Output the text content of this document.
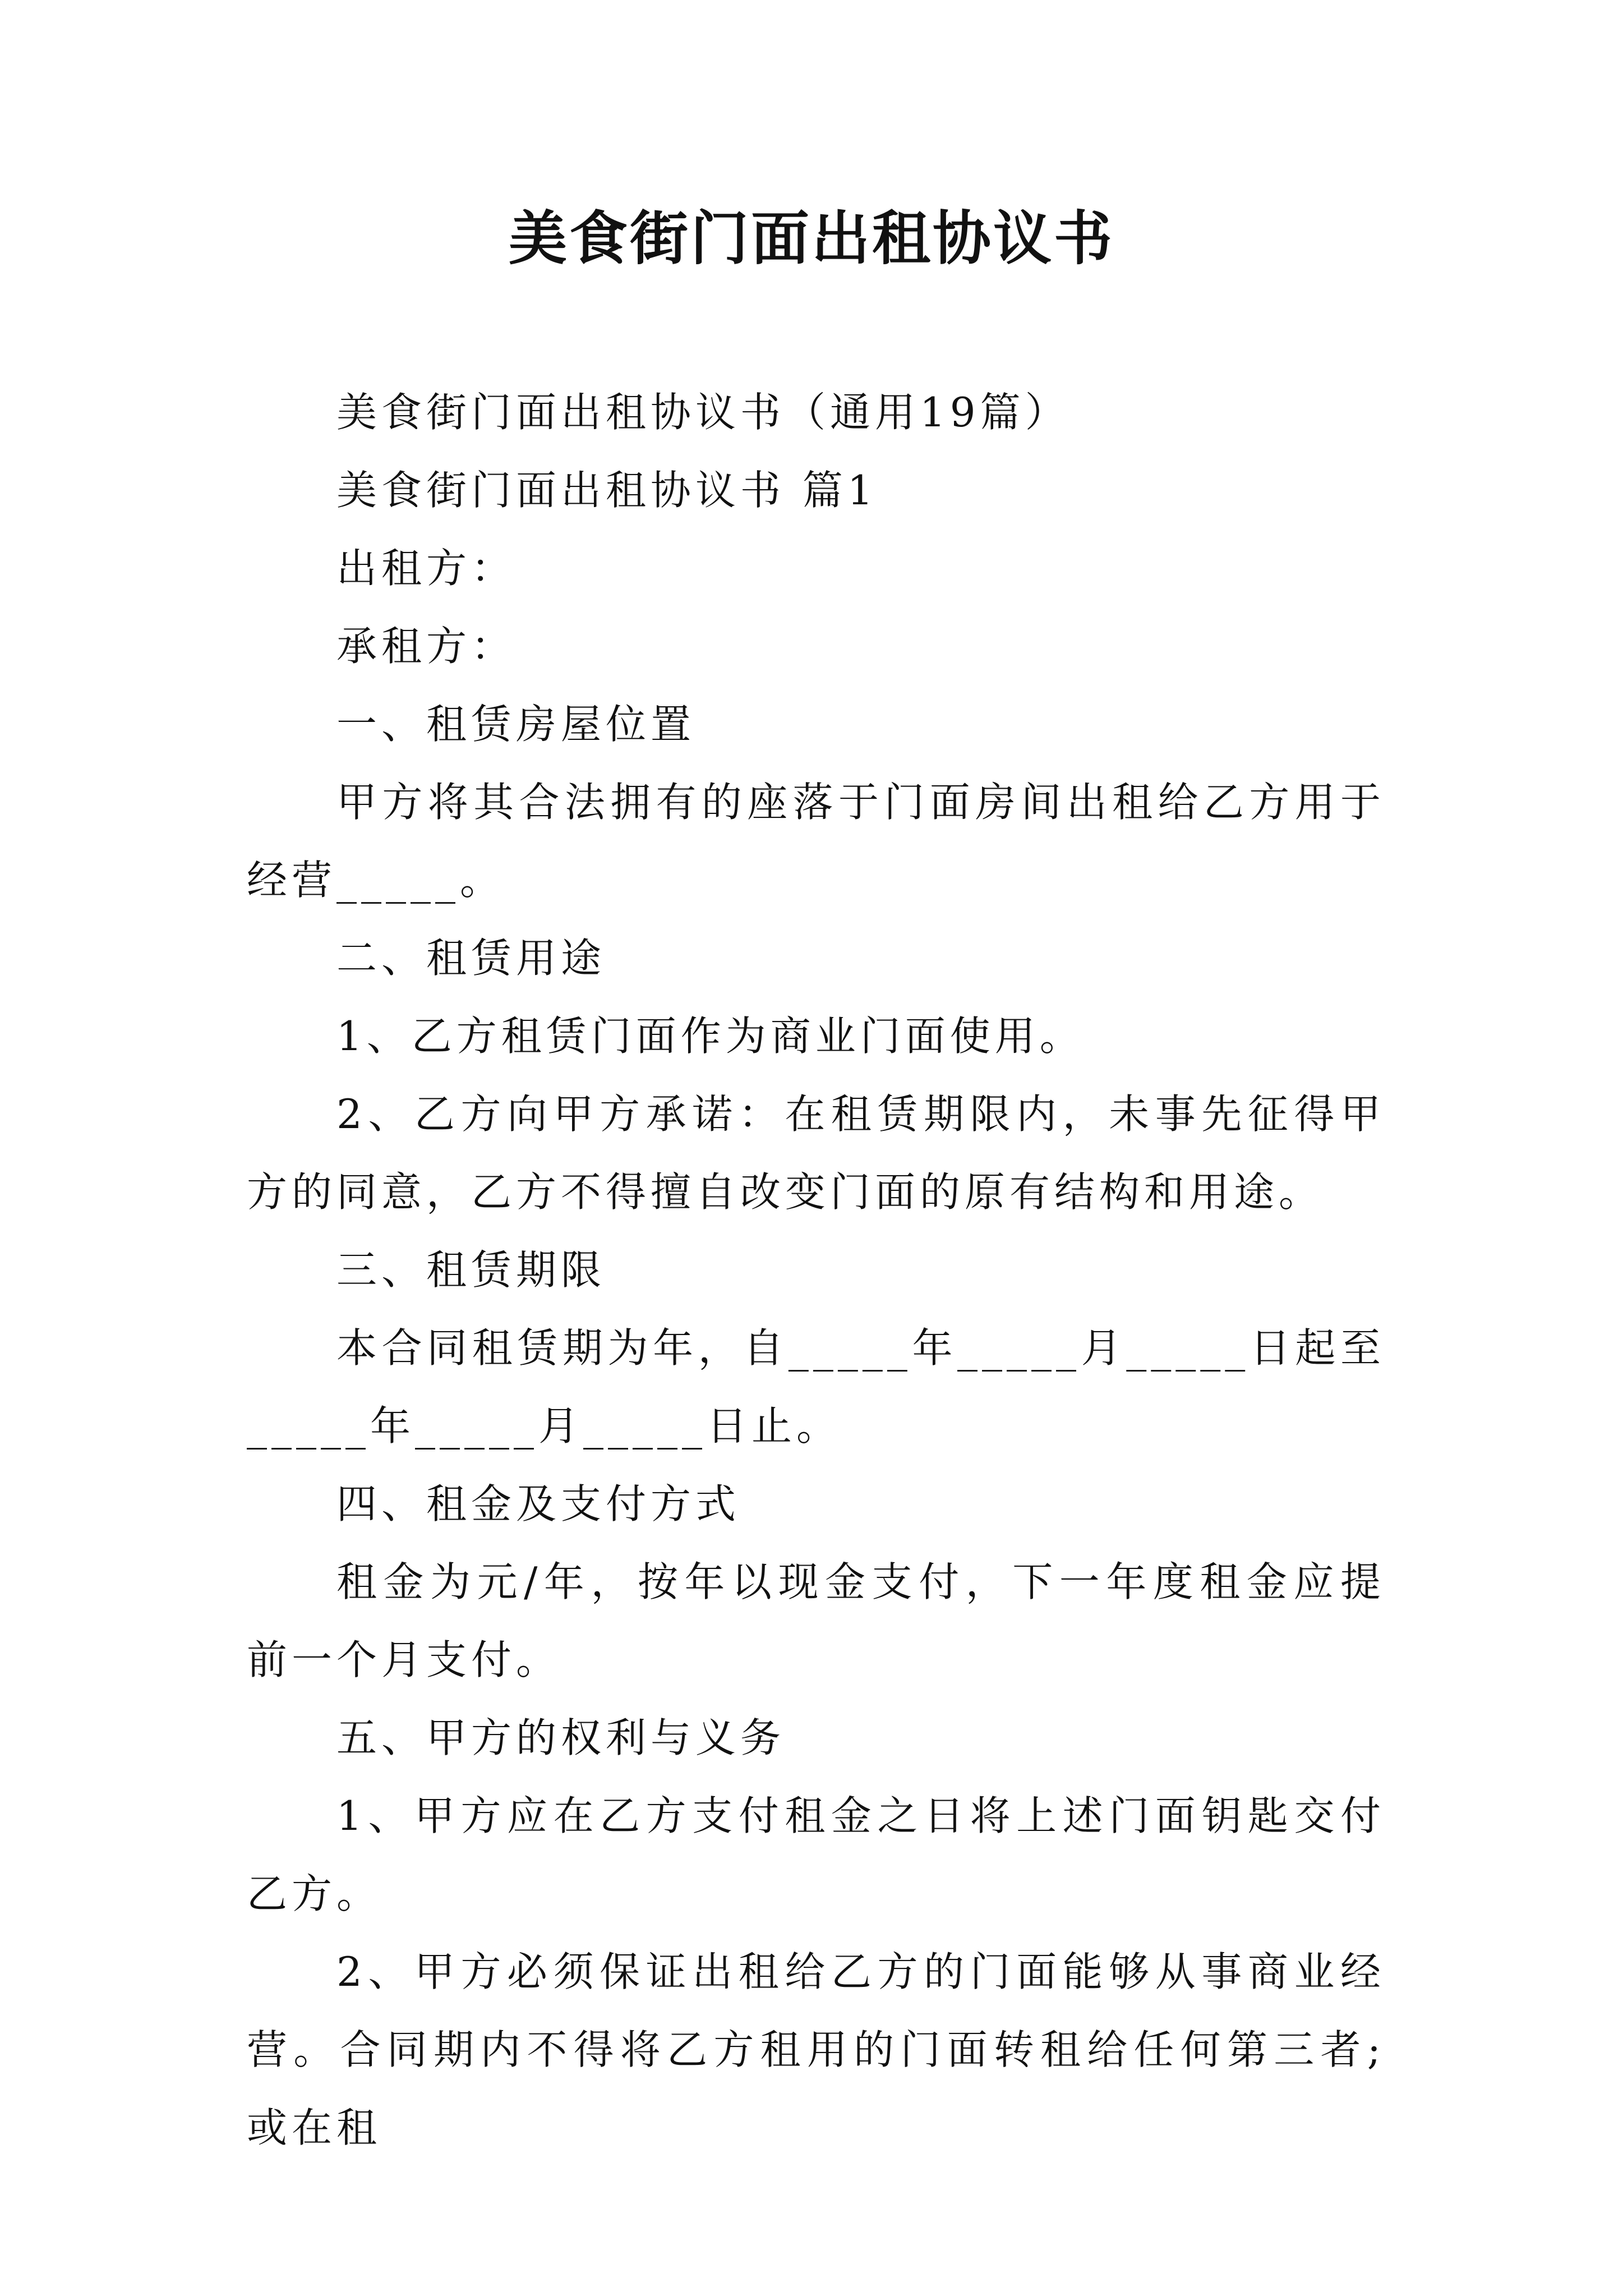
美食街门面出租协议书

美食街门面出租协议书（通用19篇）

美食街门面出租协议书 篇1

出租方：

承租方：

一、租赁房屋位置

甲方将其合法拥有的座落于门面房间出租给乙方用于经营_____。

二、租赁用途

1、乙方租赁门面作为商业门面使用。

2、乙方向甲方承诺：在租赁期限内，未事先征得甲方的同意，乙方不得擅自改变门面的原有结构和用途。

三、租赁期限

本合同租赁期为年，自_____年_____月_____日起至_____年_____月_____日止。

四、租金及支付方式

租金为元/年，按年以现金支付，下一年度租金应提前一个月支付。

五、甲方的权利与义务

1、甲方应在乙方支付租金之日将上述门面钥匙交付乙方。

2、甲方必须保证出租给乙方的门面能够从事商业经营。合同期内不得将乙方租用的门面转租给任何第三者;或在租
